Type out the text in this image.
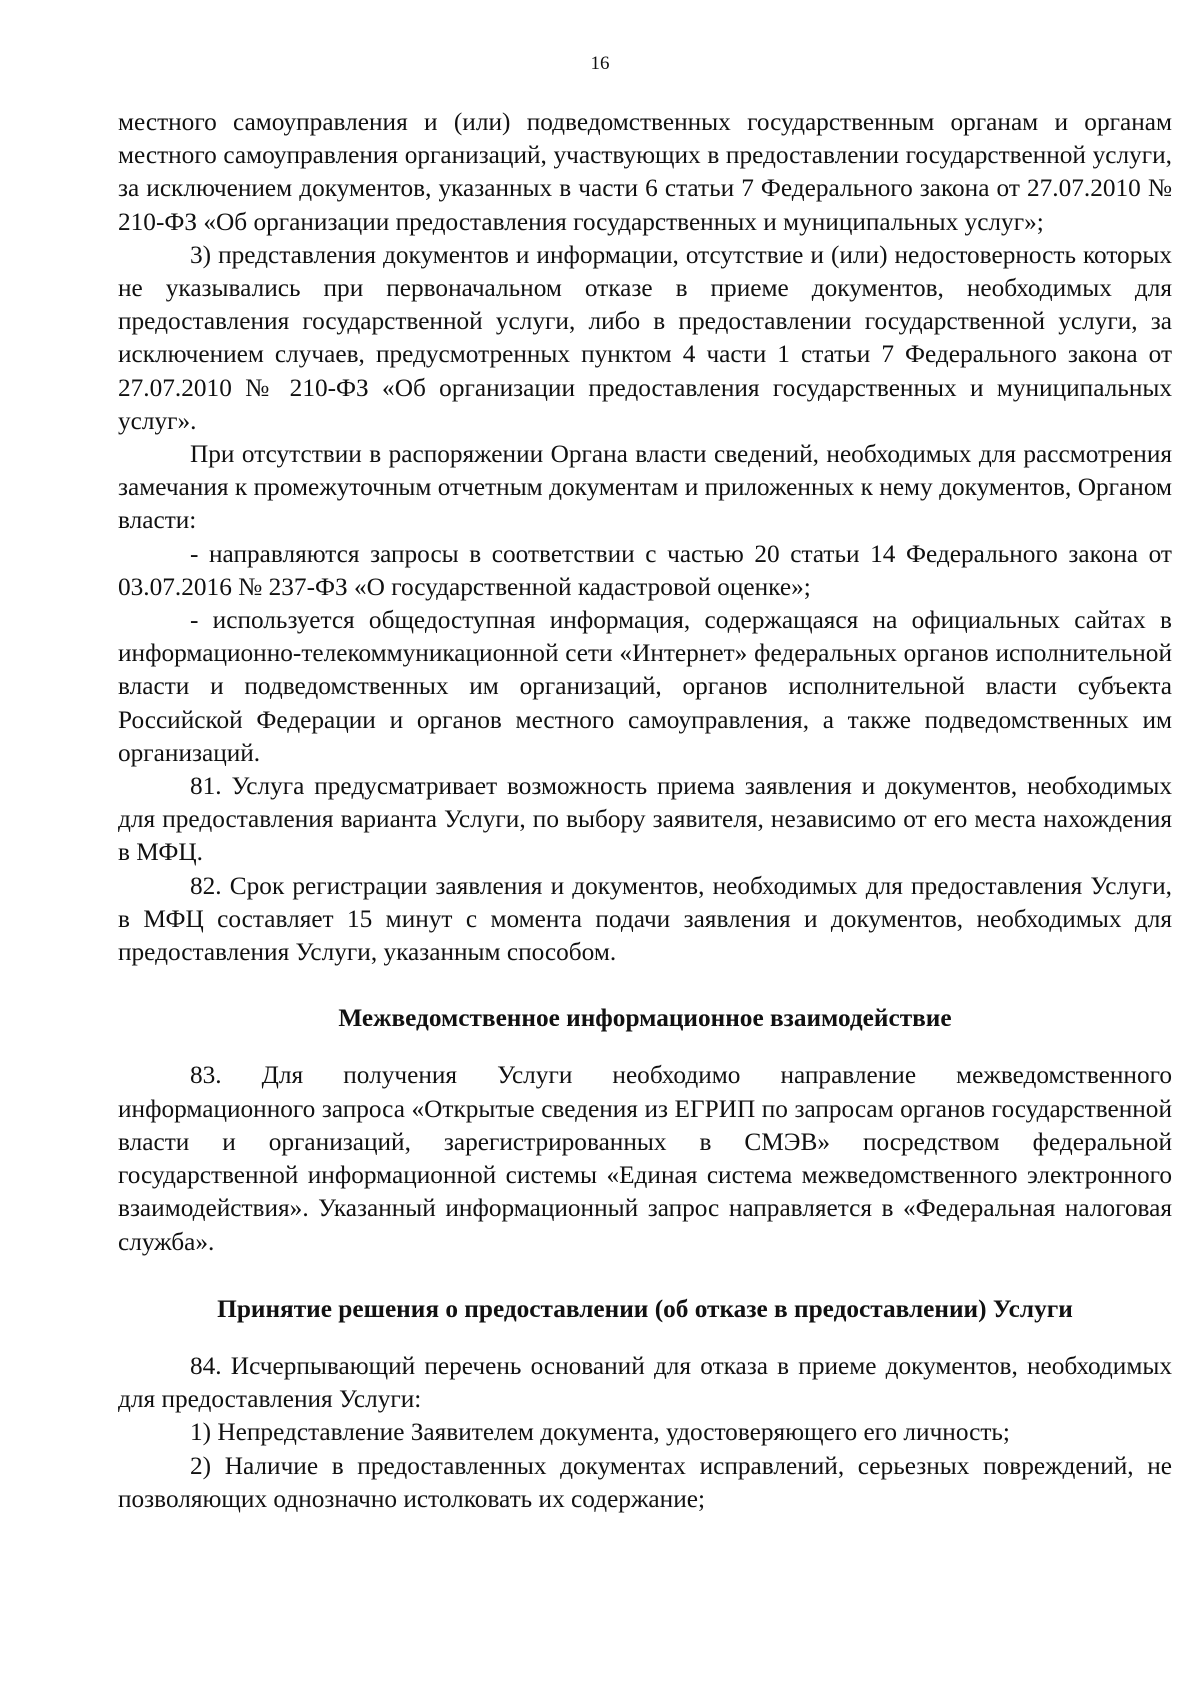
16

местного самоуправления и (или) подведомственных государственным органам и органам местного самоуправления организаций, участвующих в предоставлении государственной услуги, за исключением документов, указанных в части 6 статьи 7 Федерального закона от 27.07.2010 № 210-ФЗ «Об организации предоставления государственных и муниципальных услуг»;

3) представления документов и информации, отсутствие и (или) недостоверность которых не указывались при первоначальном отказе в приеме документов, необходимых для предоставления государственной услуги, либо в предоставлении государственной услуги, за исключением случаев, предусмотренных пунктом 4 части 1 статьи 7 Федерального закона от 27.07.2010 № 210-ФЗ «Об организации предоставления государственных и муниципальных услуг».

При отсутствии в распоряжении Органа власти сведений, необходимых для рассмотрения замечания к промежуточным отчетным документам и приложенных к нему документов, Органом власти:

- направляются запросы в соответствии с частью 20 статьи 14 Федерального закона от 03.07.2016 № 237-ФЗ «О государственной кадастровой оценке»;

- используется общедоступная информация, содержащаяся на официальных сайтах в информационно-телекоммуникационной сети «Интернет» федеральных органов исполнительной власти и подведомственных им организаций, органов исполнительной власти субъекта Российской Федерации и органов местного самоуправления, а также подведомственных им организаций.

81. Услуга предусматривает возможность приема заявления и документов, необходимых для предоставления варианта Услуги, по выбору заявителя, независимо от его места нахождения в МФЦ.

82. Срок регистрации заявления и документов, необходимых для предоставления Услуги, в МФЦ составляет 15 минут с момента подачи заявления и документов, необходимых для предоставления Услуги, указанным способом.

Межведомственное информационное взаимодействие

83. Для получения Услуги необходимо направление межведомственного информационного запроса «Открытые сведения из ЕГРИП по запросам органов государственной власти и организаций, зарегистрированных в СМЭВ» посредством федеральной государственной информационной системы «Единая система межведомственного электронного взаимодействия». Указанный информационный запрос направляется в «Федеральная налоговая служба».

Принятие решения о предоставлении (об отказе в предоставлении) Услуги

84. Исчерпывающий перечень оснований для отказа в приеме документов, необходимых для предоставления Услуги:

1) Непредставление Заявителем документа, удостоверяющего его личность;

2) Наличие в предоставленных документах исправлений, серьезных повреждений, не позволяющих однозначно истолковать их содержание;
